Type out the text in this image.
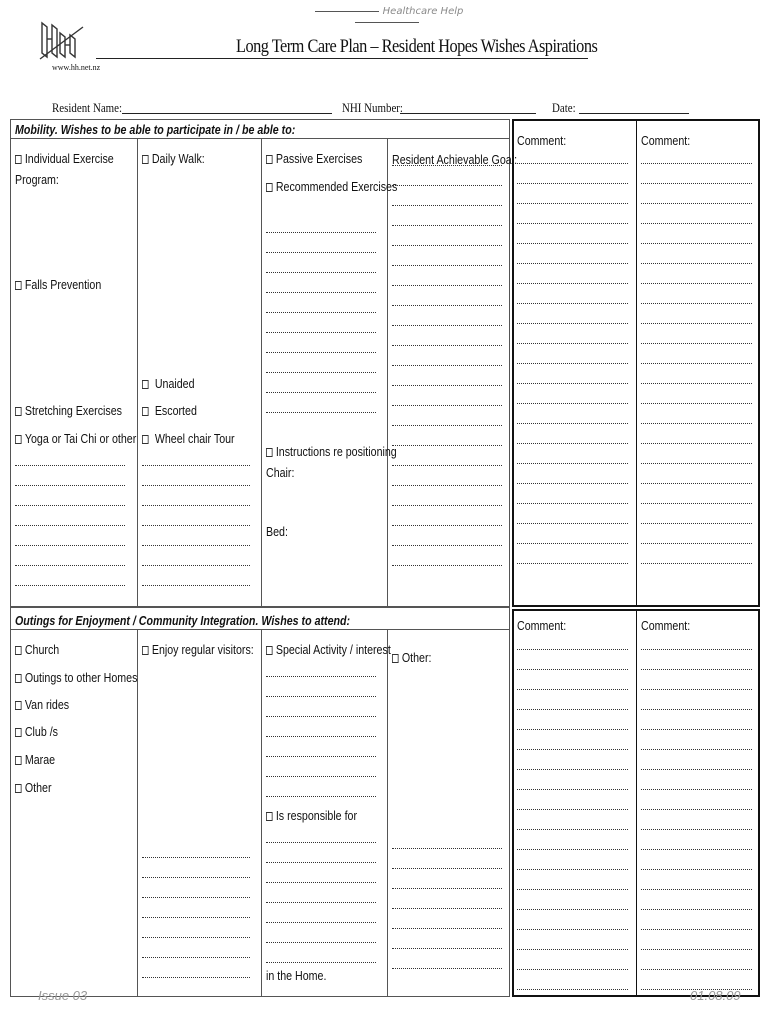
Healthcare Help
Long Term Care Plan – Resident Hopes Wishes Aspirations
www.hh.net.nz
Resident Name:	NHI Number:	Date:
Mobility. Wishes to be able to participate in / be able to:
Individual Exercise
Program:
Falls Prevention
Stretching Exercises
Yoga or Tai Chi or other
Daily Walk:
Unaided
Escorted
Wheel chair Tour
Passive Exercises
Recommended Exercises
Instructions re positioning
Chair:
Bed:
Resident Achievable Goal:
Comment:	Comment:
Outings for Enjoyment / Community Integration. Wishes to attend:
Church
Outings to other Homes
Van rides
Club /s
Marae
Other
Enjoy regular visitors:	Special Activity / interest
Is responsible for
in the Home.
Other:
Comment:	Comment:
Issue 03	01.08.09
